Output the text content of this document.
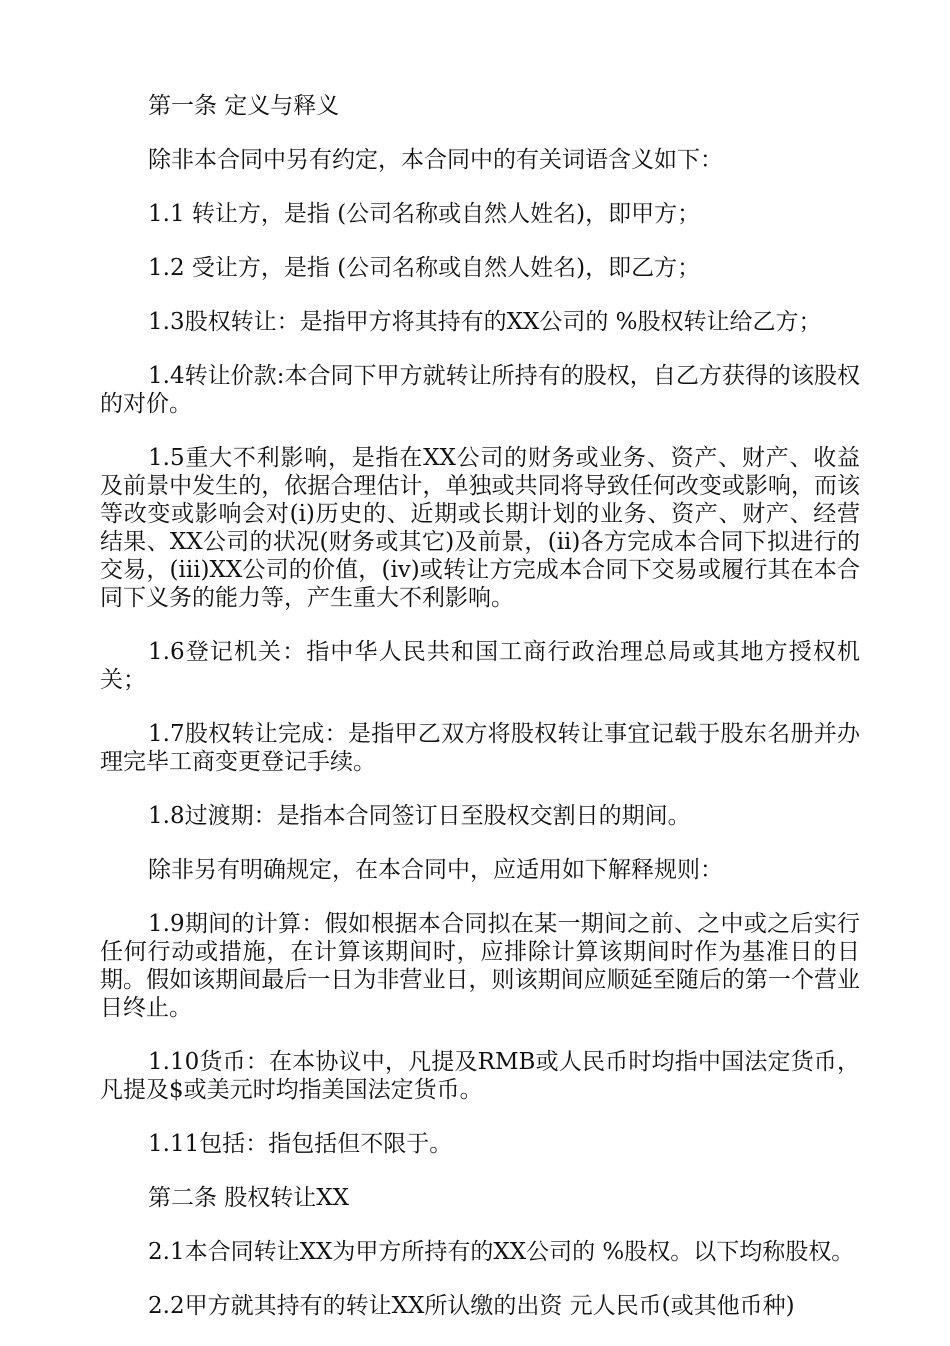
第一条 定义与释义

除非本合同中另有约定，本合同中的有关词语含义如下：

1.1 转让方，是指 (公司名称或自然人姓名)，即甲方；

1.2 受让方，是指 (公司名称或自然人姓名)，即乙方；

1.3股权转让：是指甲方将其持有的XX公司的 %股权转让给乙方；

1.4转让价款:本合同下甲方就转让所持有的股权，自乙方获得的该股权的对价。

1.5重大不利影响，是指在XX公司的财务或业务、资产、财产、收益及前景中发生的，依据合理估计，单独或共同将导致任何改变或影响，而该等改变或影响会对(i)历史的、近期或长期计划的业务、资产、财产、经营结果、XX公司的状况(财务或其它)及前景，(ii)各方完成本合同下拟进行的交易，(iii)XX公司的价值，(iv)或转让方完成本合同下交易或履行其在本合同下义务的能力等，产生重大不利影响。

1.6登记机关：指中华人民共和国工商行政治理总局或其地方授权机关；

1.7股权转让完成：是指甲乙双方将股权转让事宜记载于股东名册并办理完毕工商变更登记手续。

1.8过渡期：是指本合同签订日至股权交割日的期间。

除非另有明确规定，在本合同中，应适用如下解释规则：

1.9期间的计算：假如根据本合同拟在某一期间之前、之中或之后实行任何行动或措施，在计算该期间时，应排除计算该期间时作为基准日的日期。假如该期间最后一日为非营业日，则该期间应顺延至随后的第一个营业日终止。

1.10货币：在本协议中，凡提及RMB或人民币时均指中国法定货币，凡提及$或美元时均指美国法定货币。

1.11包括：指包括但不限于。

第二条 股权转让XX

2.1本合同转让XX为甲方所持有的XX公司的 %股权。以下均称股权。

2.2甲方就其持有的转让XX所认缴的出资 元人民币(或其他币种)
